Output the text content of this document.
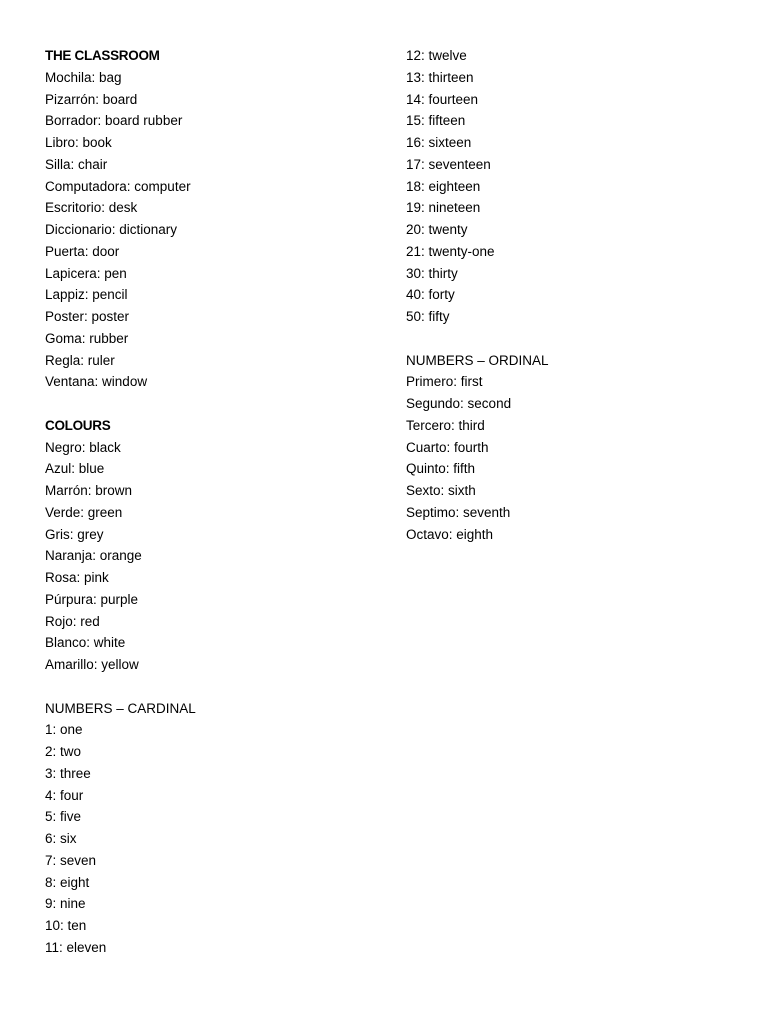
THE CLASSROOM
Mochila: bag
Pizarrón: board
Borrador: board rubber
Libro: book
Silla: chair
Computadora: computer
Escritorio: desk
Diccionario: dictionary
Puerta: door
Lapicera: pen
Lappiz: pencil
Poster: poster
Goma: rubber
Regla: ruler
Ventana: window
COLOURS
Negro: black
Azul: blue
Marrón: brown
Verde: green
Gris: grey
Naranja: orange
Rosa: pink
Púrpura: purple
Rojo: red
Blanco: white
Amarillo: yellow
NUMBERS – CARDINAL
1: one
2: two
3: three
4: four
5: five
6: six
7: seven
8: eight
9: nine
10: ten
11: eleven
12: twelve
13: thirteen
14: fourteen
15: fifteen
16: sixteen
17: seventeen
18: eighteen
19: nineteen
20: twenty
21: twenty-one
30: thirty
40: forty
50: fifty
NUMBERS – ORDINAL
Primero: first
Segundo: second
Tercero: third
Cuarto: fourth
Quinto: fifth
Sexto: sixth
Septimo: seventh
Octavo: eighth
